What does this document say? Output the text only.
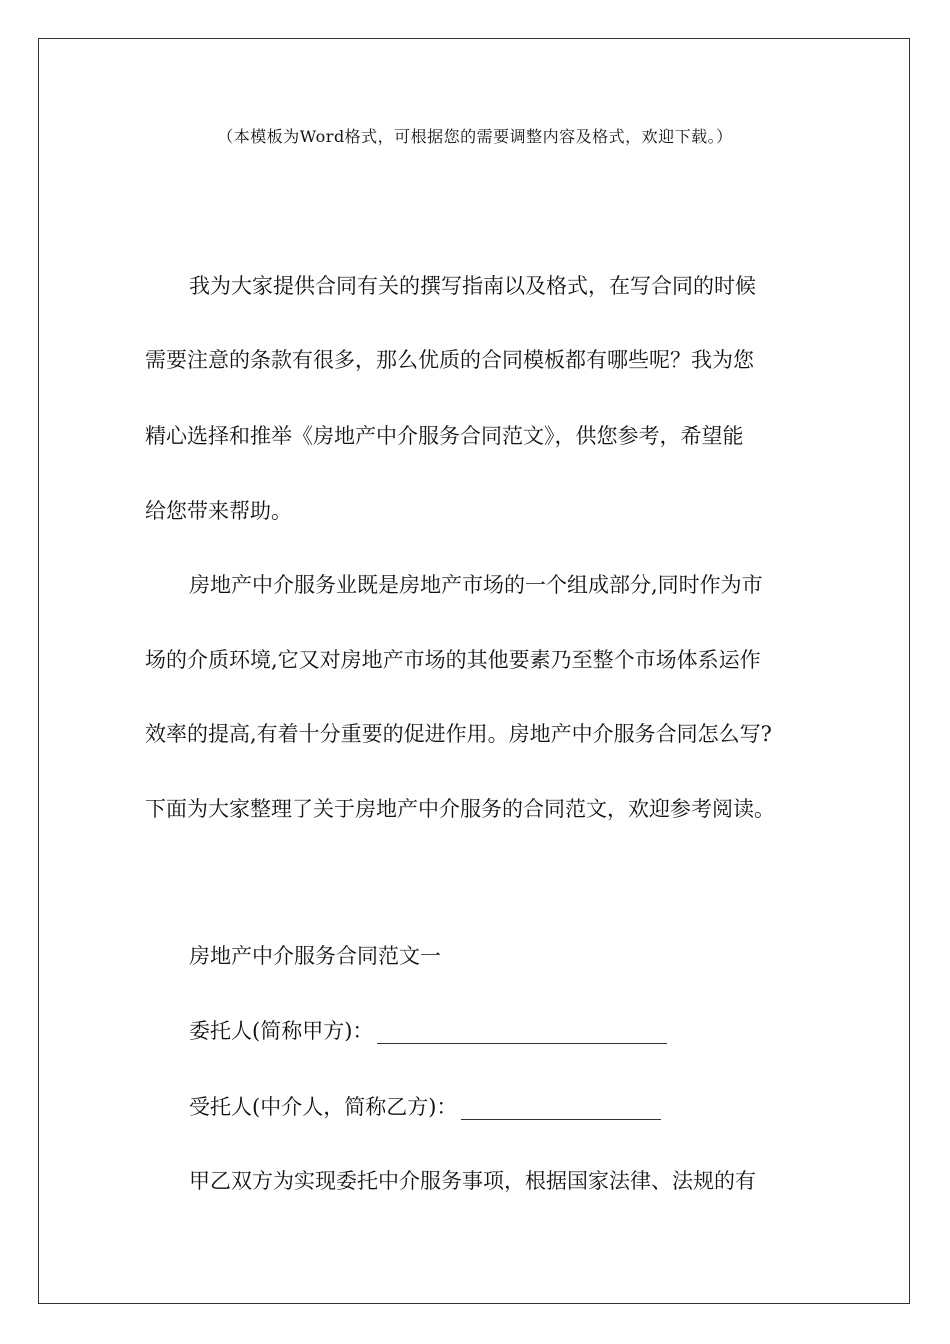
（本模板为Word格式，可根据您的需要调整内容及格式，欢迎下载。）
我为大家提供合同有关的撰写指南以及格式，在写合同的时候
需要注意的条款有很多，那么优质的合同模板都有哪些呢？我为您
精心选择和推举《房地产中介服务合同范文》，供您参考，希望能
给您带来帮助。
房地产中介服务业既是房地产市场的一个组成部分,同时作为市
场的介质环境,它又对房地产市场的其他要素乃至整个市场体系运作
效率的提高,有着十分重要的促进作用。房地产中介服务合同怎么写?
下面为大家整理了关于房地产中介服务的合同范文，欢迎参考阅读。
房地产中介服务合同范文一
委托人(简称甲方)：
受托人(中介人，简称乙方)：
甲乙双方为实现委托中介服务事项，根据国家法律、法规的有
